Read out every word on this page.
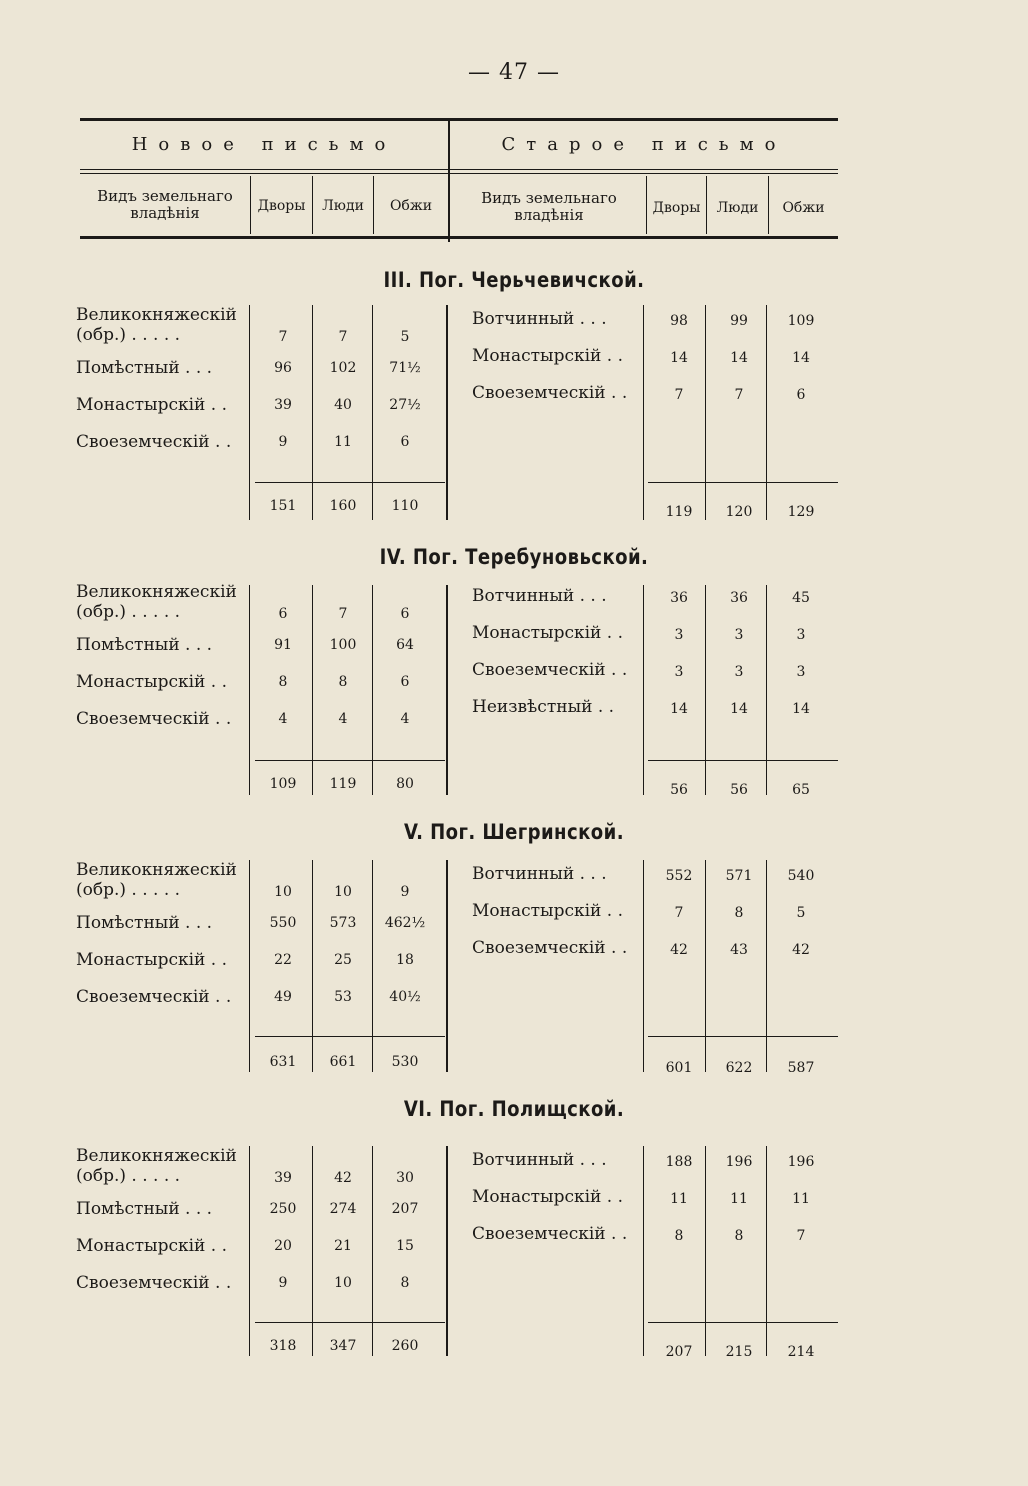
— 47 —
Новое письмо	Старое письмо
Видъ земельнаго владѣнія	Дворы	Люди	Обжи	Видъ земельнаго владѣнія	Дворы	Люди	Обжи
III. Пог. Черьчевичской.
Великокняжескій (обр.) . . . . .	7	7	5
Помѣстный . . .	96	102	71½
Монастырскій . .	39	40	27½
Своеземческій . .	9	11	6
151	160	110
Вотчинный . . .	98	99	109
Монастырскій . .	14	14	14
Своеземческій . .	7	7	6
119	120	129
IV. Пог. Теребуновьской.
Великокняжескій (обр.) . . . . .	6	7	6
Помѣстный . . .	91	100	64
Монастырскій . .	8	8	6
Своеземческій . .	4	4	4
109	119	80
Вотчинный . . .	36	36	45
Монастырскій . .	3	3	3
Своеземческій . .	3	3	3
Неизвѣстный . .	14	14	14
56	56	65
V. Пог. Шегринской.
Великокняжескій (обр.) . . . . .	10	10	9
Помѣстный . . .	550	573	462½
Монастырскій . .	22	25	18
Своеземческій . .	49	53	40½
631	661	530
Вотчинный . . .	552	571	540
Монастырскій . .	7	8	5
Своеземческій . .	42	43	42
601	622	587
VI. Пог. Полищской.
Великокняжескій (обр.) . . . . .	39	42	30
Помѣстный . . .	250	274	207
Монастырскій . .	20	21	15
Своеземческій . .	9	10	8
318	347	260
Вотчинный . . .	188	196	196
Монастырскій . .	11	11	11
Своеземческій . .	8	8	7
207	215	214
